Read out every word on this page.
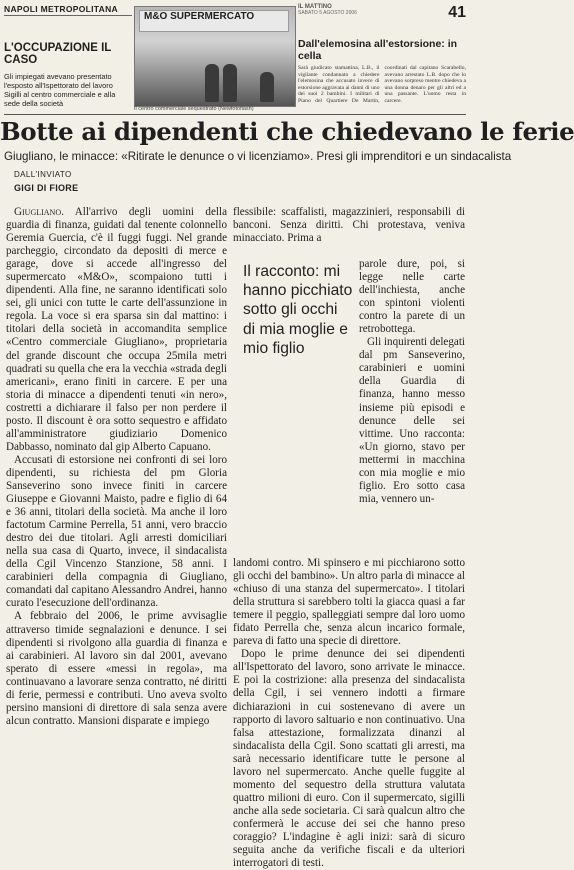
NAPOLI METROPOLITANA
L'OCCUPAZIONE IL CASO
Gli impiegati avevano presentato l'esposto all'Ispettorato del lavoro Sigilli al centro commerciale e alla sede della società
M&O SUPERMERCATO
Il centro commerciale sequestrato (Newfotoflash)
IL MATTINO
SABATO 5 AGOSTO 2006	41
Dall'elemosina all'estorsione: in cella
Sarà giudicato stamattina, L.B., il vigilante condannato a chiedere l'elemosina che accusato invece di estorsione aggravata ai danni di uno dei suoi 2 bambini. I militari di Piano del Quartiere De Martin, coordinati dal capitano Scarabello, avevano arrestato L.B. dopo che lo avevano sorpreso mentre chiedeva a una donna denaro per gli altri ed a una passante. L'uomo resta in carcere.
Botte ai dipendenti che chiedevano le ferie
Giugliano, le minacce: «Ritirate le denunce o vi licenziamo». Presi gli imprenditori e un sindacalista
DALL'INVIATO
GIGI DI FIORE

Giugliano. All'arrivo degli uomini della guardia di finanza, guidati dal tenente colonnello Geremia Guercia, c'è il fuggi fuggi. Nel grande parcheggio, circondato da depositi di merce e garage, dove si accede all'ingresso del supermercato «M&O», scompaiono tutti i dipendenti. Alla fine, ne saranno identificati solo sei, gli unici con tutte le carte dell'assunzione in regola. La voce si era sparsa sin dal mattino: i titolari della società in accomandita semplice «Centro commerciale Giugliano», proprietaria del grande discount che occupa 25mila metri quadrati su quella che era la vecchia «strada degli americani», erano finiti in carcere. E per una storia di minacce a dipendenti tenuti «in nero», costretti a dichiarare il falso per non perdere il posto. Il discount è ora sotto sequestro e affidato all'amministratore giudiziario Domenico Dabbasso, nominato dal gip Alberto Capuano.

Accusati di estorsione nei confronti di sei loro dipendenti, su richiesta del pm Gloria Sanseverino sono invece finiti in carcere Giuseppe e Giovanni Maisto, padre e figlio di 64 e 36 anni, titolari della società. Ma anche il loro factotum Carmine Perrella, 51 anni, vero braccio destro dei due titolari. Agli arresti domiciliari nella sua casa di Quarto, invece, il sindacalista della Cgil Vincenzo Stanzione, 58 anni. I carabinieri della compagnia di Giugliano, comandati dal capitano Alessandro Andrei, hanno curato l'esecuzione dell'ordinanza.

A febbraio del 2006, le prime avvisaglie attraverso timide segnalazioni e denunce. I sei dipendenti si rivolgono alla guardia di finanza e ai carabinieri. Al lavoro sin dal 2001, avevano sperato di essere «messi in regola», ma continuavano a lavorare senza contratto, né diritti di ferie, permessi e contributi. Uno aveva svolto persino mansioni di direttore di sala senza avere alcun contratto. Mansioni disparate e impiego

flessibile: scaffalisti, magazzinieri, responsabili di banconi. Senza diritti. Chi protestava, veniva minacciato. Prima a
Il racconto: mi hanno picchiato sotto gli occhi di mia moglie e mio figlio

parole dure, poi, si legge nelle carte dell'inchiesta, anche con spintoni violenti contro la parete di un retrobottega.

Gli inquirenti delegati dal pm Sanseverino, carabinieri e uomini della Guardia di finanza, hanno messo insieme più episodi e denunce delle sei vittime. Uno racconta: «Un giorno, stavo per mettermi in macchina con mia moglie e mio figlio. Ero sotto casa mia, vennero un-

landomi contro. Mi spinsero e mi picchiarono sotto gli occhi del bambino». Un altro parla di minacce al «chiuso di una stanza del supermercato». I titolari della struttura si sarebbero tolti la giacca quasi a far temere il peggio, spalleggiati sempre dal loro uomo fidato Perrella che, senza alcun incarico formale, pareva di fatto una specie di direttore.

Dopo le prime denunce dei sei dipendenti all'Ispettorato del lavoro, sono arrivate le minacce. E poi la costrizione: alla presenza del sindacalista della Cgil, i sei vennero indotti a firmare dichiarazioni in cui sostenevano di avere un rapporto di lavoro saltuario e non continuativo. Una falsa attestazione, formalizzata dinanzi al sindacalista della Cgil. Sono scattati gli arresti, ma sarà necessario identificare tutte le persone al lavoro nel supermercato. Anche quelle fuggite al momento del sequestro della struttura valutata quattro milioni di euro. Con il supermercato, sigilli anche alla sede societaria. Ci sarà qualcun altro che confermerà le accuse dei sei che hanno preso coraggio? L'indagine è agli inizi: sarà di sicuro seguita anche da verifiche fiscali e da ulteriori interrogatori di testi.
